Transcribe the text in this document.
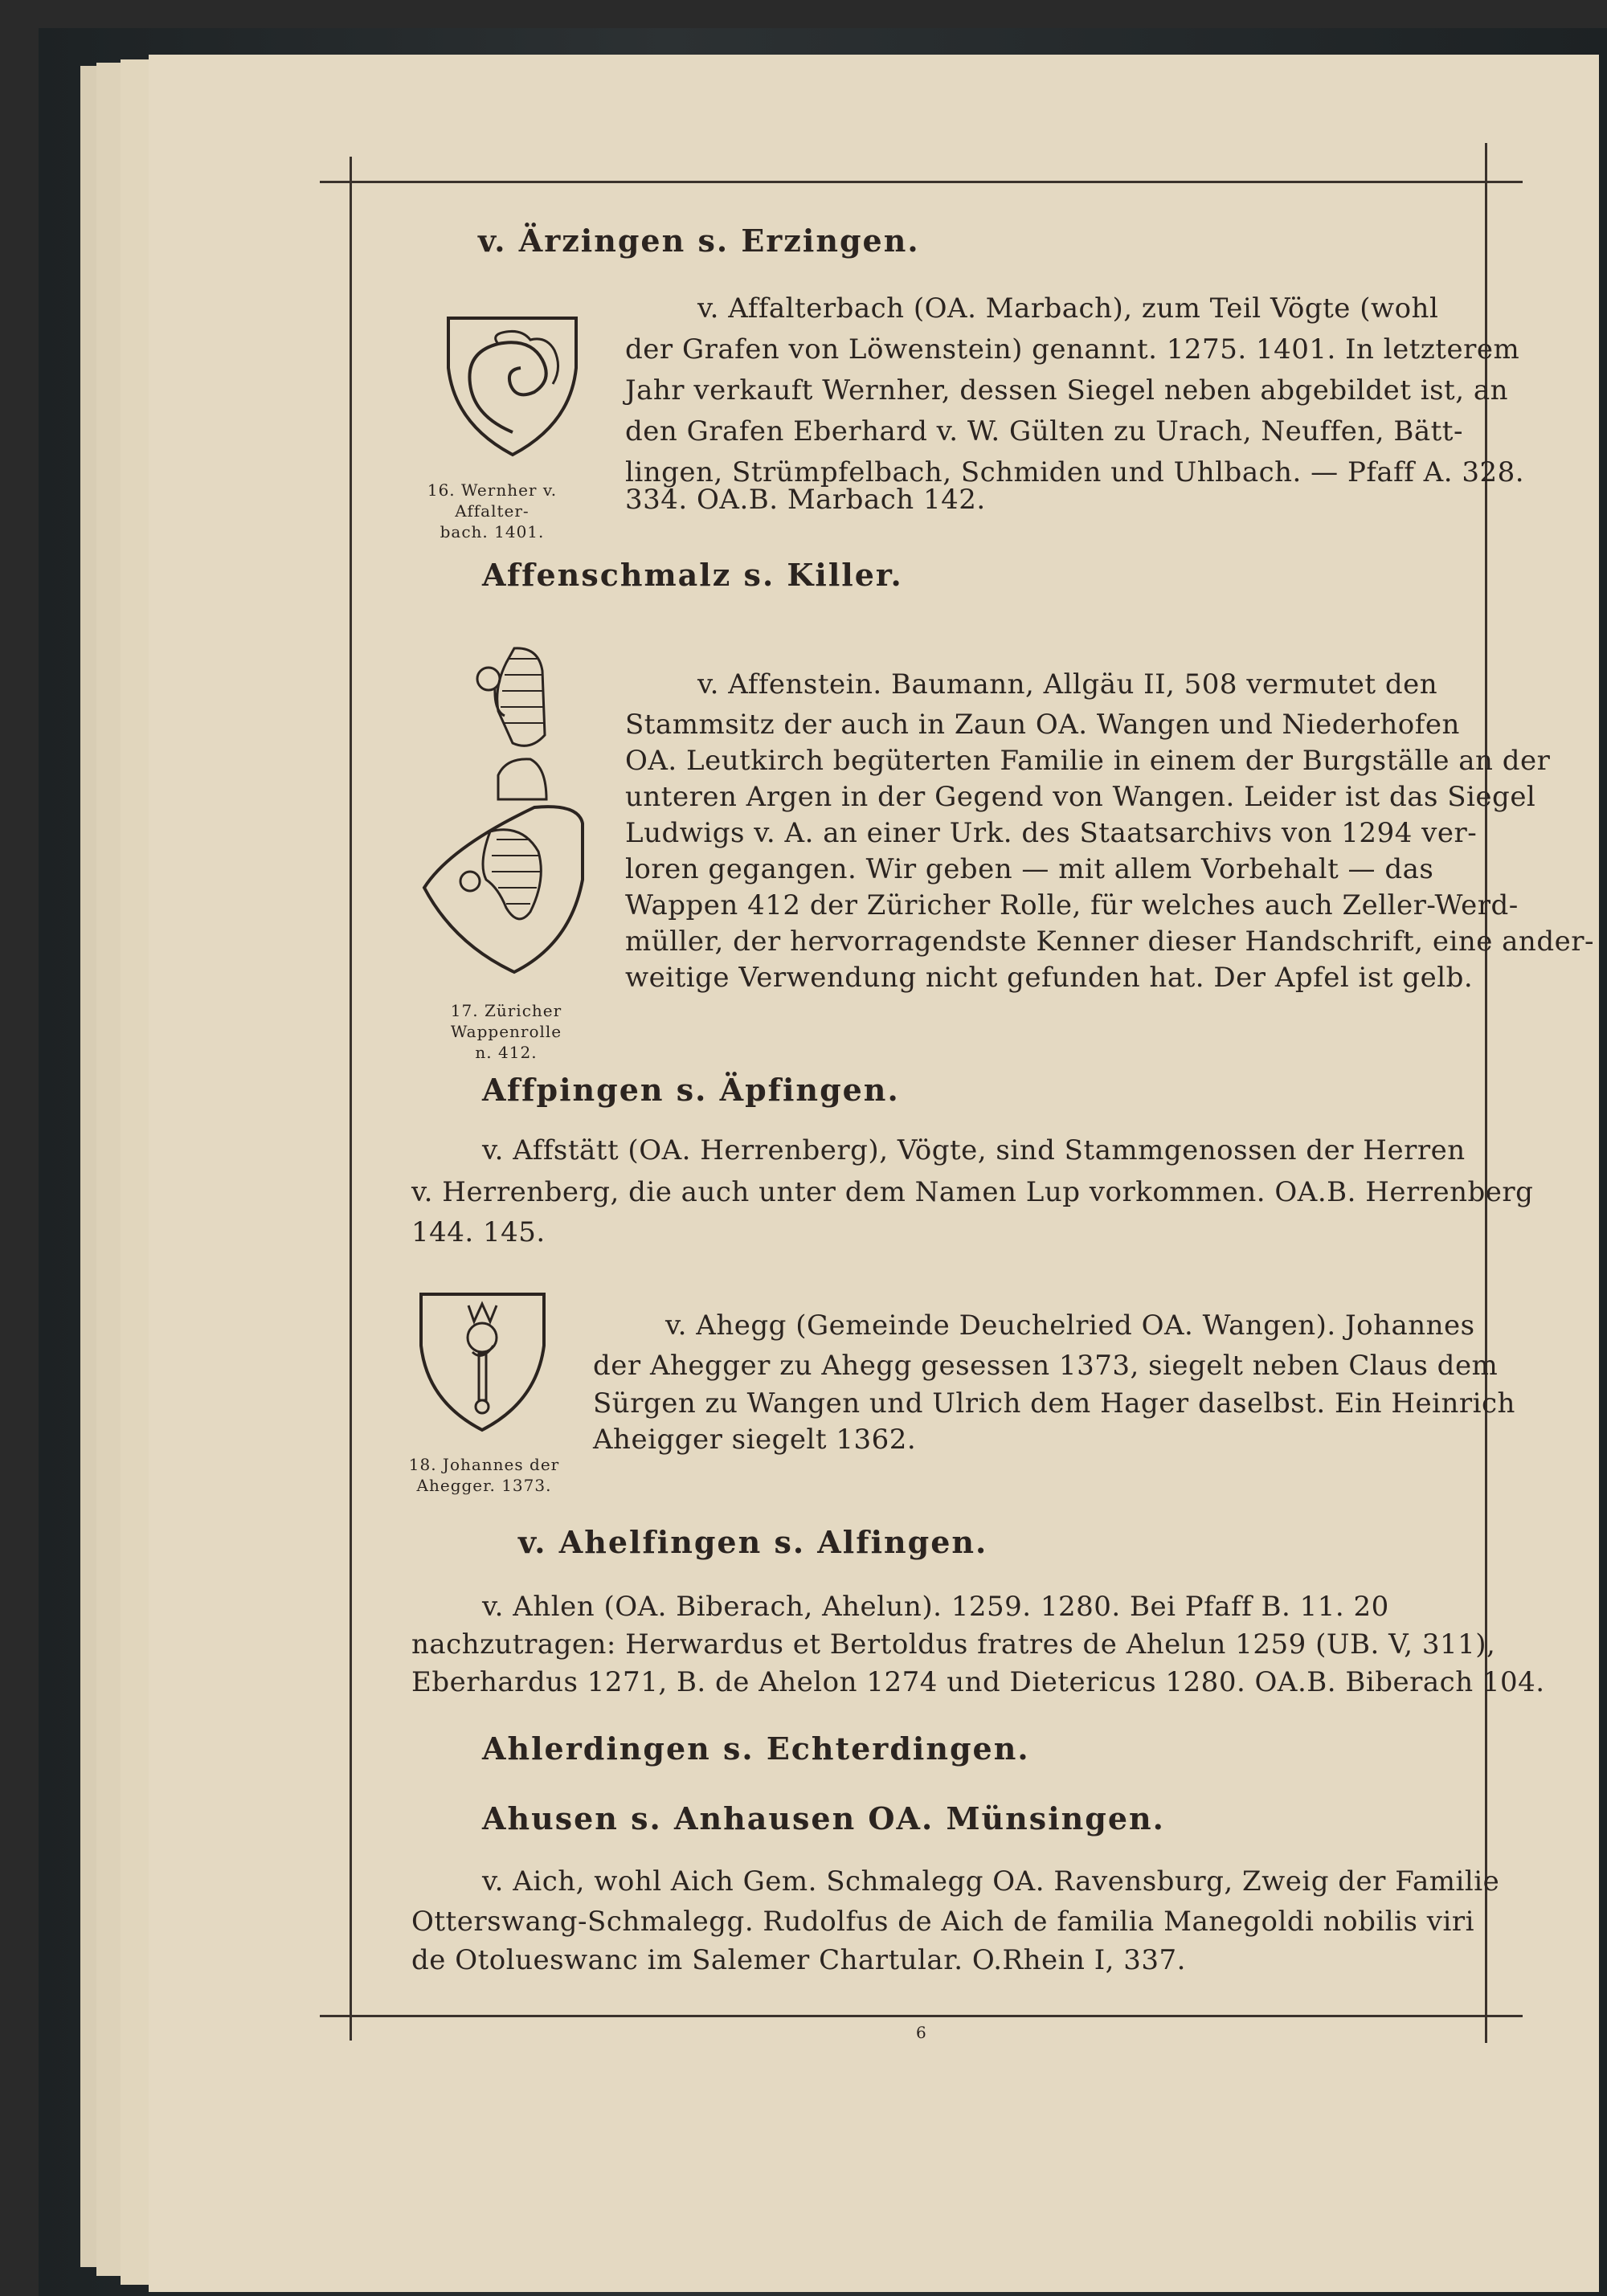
v. Ärzingen s. Erzingen.
16. Wernher v. Affalter-
bach. 1401.
v. Affalterbach (OA. Marbach), zum Teil Vögte (wohl
der Grafen von Löwenstein) genannt. 1275. 1401. In letzterem
Jahr verkauft Wernher, dessen Siegel neben abgebildet ist, an
den Grafen Eberhard v. W. Gülten zu Urach, Neuffen, Bätt-
lingen, Strümpfelbach, Schmiden und Uhlbach. — Pfaff A. 328.
334. OA.B. Marbach 142.
Affenschmalz s. Killer.
17. Züricher Wappenrolle
n. 412.
v. Affenstein. Baumann, Allgäu II, 508 vermutet den
Stammsitz der auch in Zaun OA. Wangen und Niederhofen
OA. Leutkirch begüterten Familie in einem der Burgställe an der
unteren Argen in der Gegend von Wangen. Leider ist das Siegel
Ludwigs v. A. an einer Urk. des Staatsarchivs von 1294 ver-
loren gegangen. Wir geben — mit allem Vorbehalt — das
Wappen 412 der Züricher Rolle, für welches auch Zeller-Werd-
müller, der hervorragendste Kenner dieser Handschrift, eine ander-
weitige Verwendung nicht gefunden hat. Der Apfel ist gelb.
Affpingen s. Äpfingen.
v. Affstätt (OA. Herrenberg), Vögte, sind Stammgenossen der Herren
v. Herrenberg, die auch unter dem Namen Lup vorkommen. OA.B. Herrenberg
144. 145.
18. Johannes der
Ahegger. 1373.
v. Ahegg (Gemeinde Deuchelried OA. Wangen). Johannes
der Ahegger zu Ahegg gesessen 1373, siegelt neben Claus dem
Sürgen zu Wangen und Ulrich dem Hager daselbst. Ein Heinrich
Aheigger siegelt 1362.
v. Ahelfingen s. Alfingen.
v. Ahlen (OA. Biberach, Ahelun). 1259. 1280. Bei Pfaff B. 11. 20
nachzutragen: Herwardus et Bertoldus fratres de Ahelun 1259 (UB. V, 311),
Eberhardus 1271, B. de Ahelon 1274 und Dietericus 1280. OA.B. Biberach 104.
Ahlerdingen s. Echterdingen.
Ahusen s. Anhausen OA. Münsingen.
v. Aich, wohl Aich Gem. Schmalegg OA. Ravensburg, Zweig der Familie
Otterswang-Schmalegg. Rudolfus de Aich de familia Manegoldi nobilis viri
de Otolueswanc im Salemer Chartular. O.Rhein I, 337.
6
